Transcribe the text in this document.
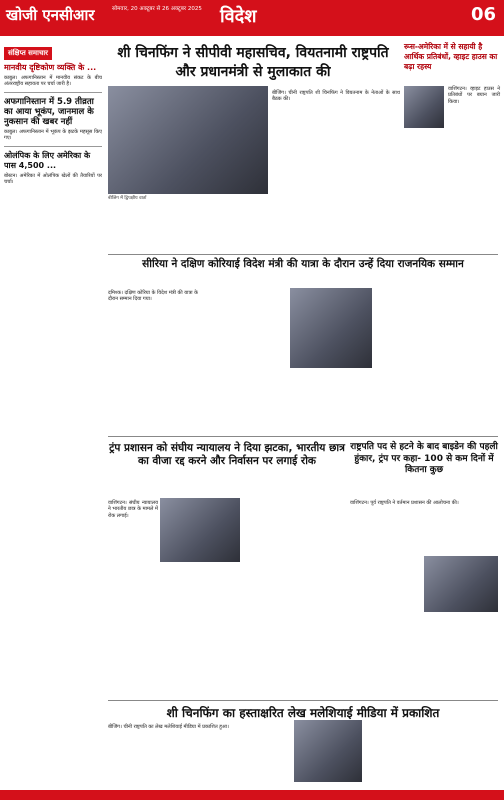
खोजी एनसीआर	सोमवार, 20 अक्टूबर से 26 अक्टूबर 2025 विदेश	06
संक्षिप्त समाचार
मानवीय दृष्टिकोण व्यक्ति के ...
काबुल। अफगानिस्तान में मानवीय संकट के बीच अंतरराष्ट्रीय सहायता पर चर्चा जारी है।
अफगानिस्तान में 5.9 तीव्रता का आया भूकंप, जानमाल के नुकसान की खबर नहीं
काबुल। अफगानिस्तान में भूकंप के झटके महसूस किए गए।
ओलंपिक के लिए अमेरिका के पास 4,500 ...
बोस्टन। अमेरिका में ओलंपिक खेलों की तैयारियों पर चर्चा।
शी चिनफिंग ने सीपीवी महासचिव, वियतनामी राष्ट्रपति और प्रधानमंत्री से मुलाकात की
बीजिंग में द्विपक्षीय वार्ता
बीजिंग। चीनी राष्ट्रपति शी चिनफिंग ने वियतनाम के नेताओं के साथ बैठक की।
रूस-अमेरिका में से सहायी है आर्थिक प्रतिबंधों, व्हाइट हाउस का बढ़ा रहस्य
वाशिंगटन। व्हाइट हाउस ने प्रतिबंधों पर बयान जारी किया।
सीरिया ने दक्षिण कोरियाई विदेश मंत्री की यात्रा के दौरान उन्हें दिया राजनयिक सम्मान
दमिश्क। दक्षिण कोरिया के विदेश मंत्री की यात्रा के दौरान सम्मान दिया गया।
ट्रंप प्रशासन को संघीय न्यायालय ने दिया झटका, भारतीय छात्र का वीजा रद्द करने और निर्वासन पर लगाई रोक
वाशिंगटन। संघीय न्यायालय ने भारतीय छात्र के मामले में रोक लगाई।
राष्ट्रपति पद से हटने के बाद बाइडेन की पहली हुंकार, ट्रंप पर कहा- 100 से कम दिनों में कितना कुछ
वाशिंगटन। पूर्व राष्ट्रपति ने वर्तमान प्रशासन की आलोचना की।
शी चिनफिंग का हस्ताक्षरित लेख मलेशियाई मीडिया में प्रकाशित
बीजिंग। चीनी राष्ट्रपति का लेख मलेशियाई मीडिया में प्रकाशित हुआ।
